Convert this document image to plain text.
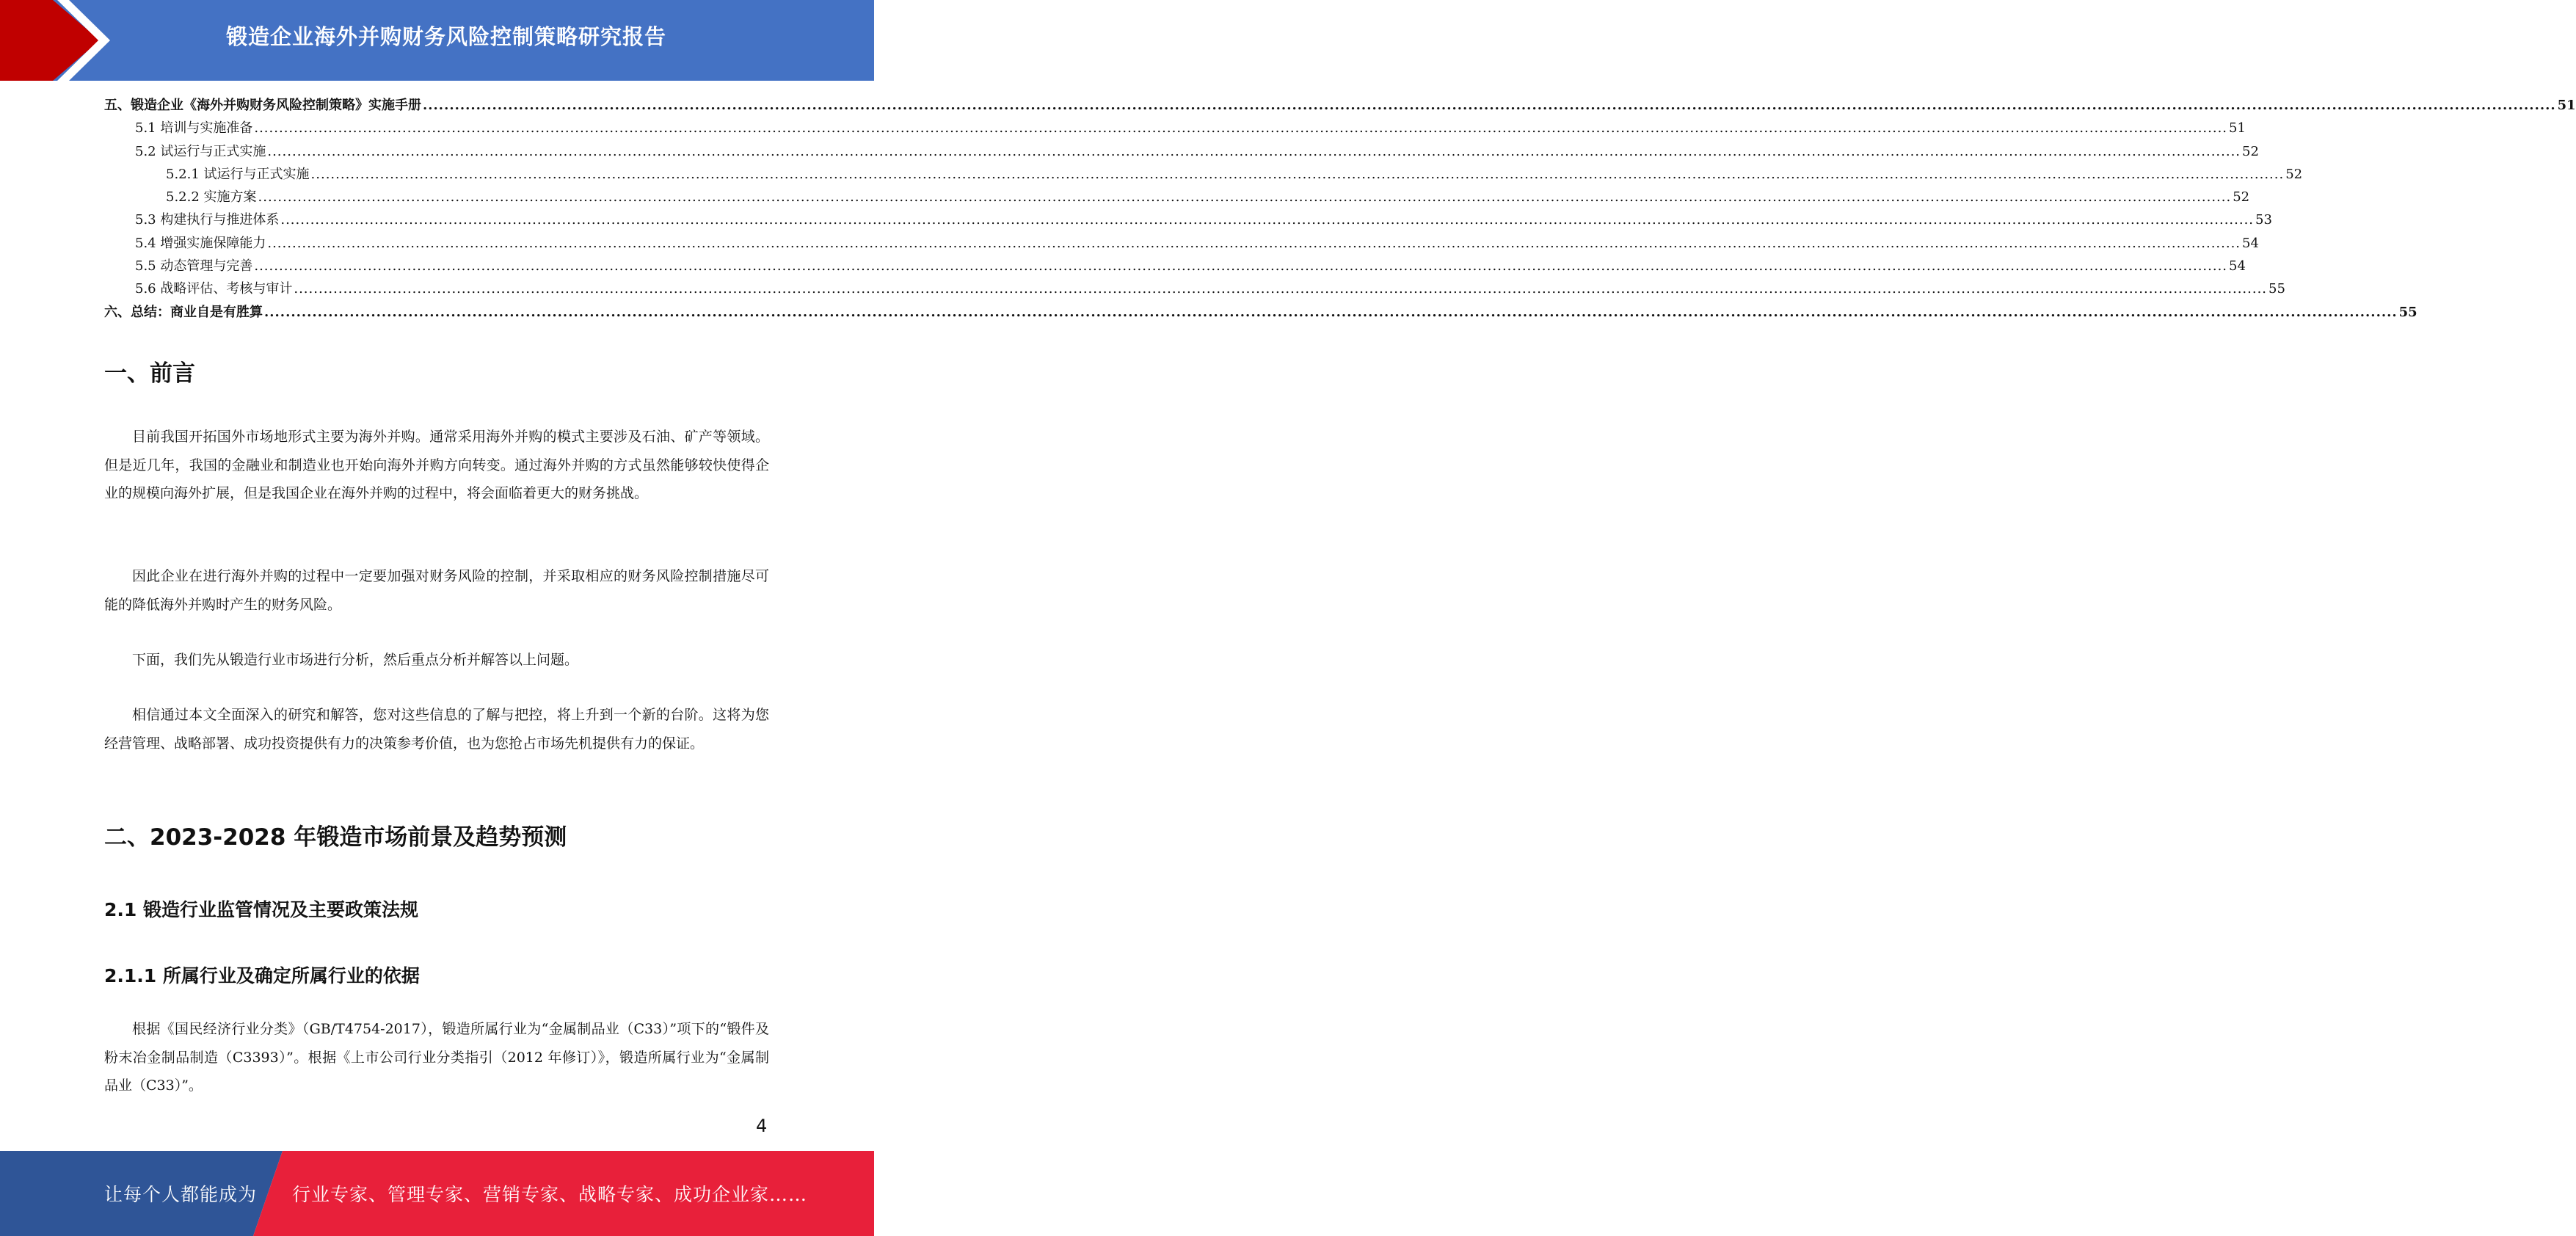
锻造企业海外并购财务风险控制策略研究报告
五、锻造企业《海外并购财务风险控制策略》实施手册 ................................................................................................................................................................................................................................................................................................................................................................................................................ 51
5.1 培训与实施准备 ................................................................................................................................................................................................................................................................................................................................................................................................................ 51
5.2 试运行与正式实施 ................................................................................................................................................................................................................................................................................................................................................................................................................ 52
5.2.1 试运行与正式实施 ................................................................................................................................................................................................................................................................................................................................................................................................................ 52
5.2.2 实施方案 ................................................................................................................................................................................................................................................................................................................................................................................................................ 52
5.3 构建执行与推进体系 ................................................................................................................................................................................................................................................................................................................................................................................................................ 53
5.4 增强实施保障能力 ................................................................................................................................................................................................................................................................................................................................................................................................................ 54
5.5 动态管理与完善 ................................................................................................................................................................................................................................................................................................................................................................................................................ 54
5.6 战略评估、考核与审计 ................................................................................................................................................................................................................................................................................................................................................................................................................ 55
六、总结：商业自是有胜算 ................................................................................................................................................................................................................................................................................................................................................................................................................ 55
一、前言
目前我国开拓国外市场地形式主要为海外并购。通常采用海外并购的模式主要涉及石油、矿产等领域。但是近几年，我国的金融业和制造业也开始向海外并购方向转变。通过海外并购的方式虽然能够较快使得企业的规模向海外扩展，但是我国企业在海外并购的过程中，将会面临着更大的财务挑战。
因此企业在进行海外并购的过程中一定要加强对财务风险的控制，并采取相应的财务风险控制措施尽可能的降低海外并购时产生的财务风险。
下面，我们先从锻造行业市场进行分析，然后重点分析并解答以上问题。
相信通过本文全面深入的研究和解答，您对这些信息的了解与把控，将上升到一个新的台阶。这将为您经营管理、战略部署、成功投资提供有力的决策参考价值，也为您抢占市场先机提供有力的保证。
二、2023-2028 年锻造市场前景及趋势预测
2.1 锻造行业监管情况及主要政策法规
2.1.1 所属行业及确定所属行业的依据
根据《国民经济行业分类》（GB/T4754-2017），锻造所属行业为“金属制品业（C33）”项下的“锻件及粉末冶金制品制造（C3393）”。根据《上市公司行业分类指引（2012 年修订）》，锻造所属行业为“金属制品业（C33）”。
4
让每个人都能成为 行业专家、管理专家、营销专家、战略专家、成功企业家……
